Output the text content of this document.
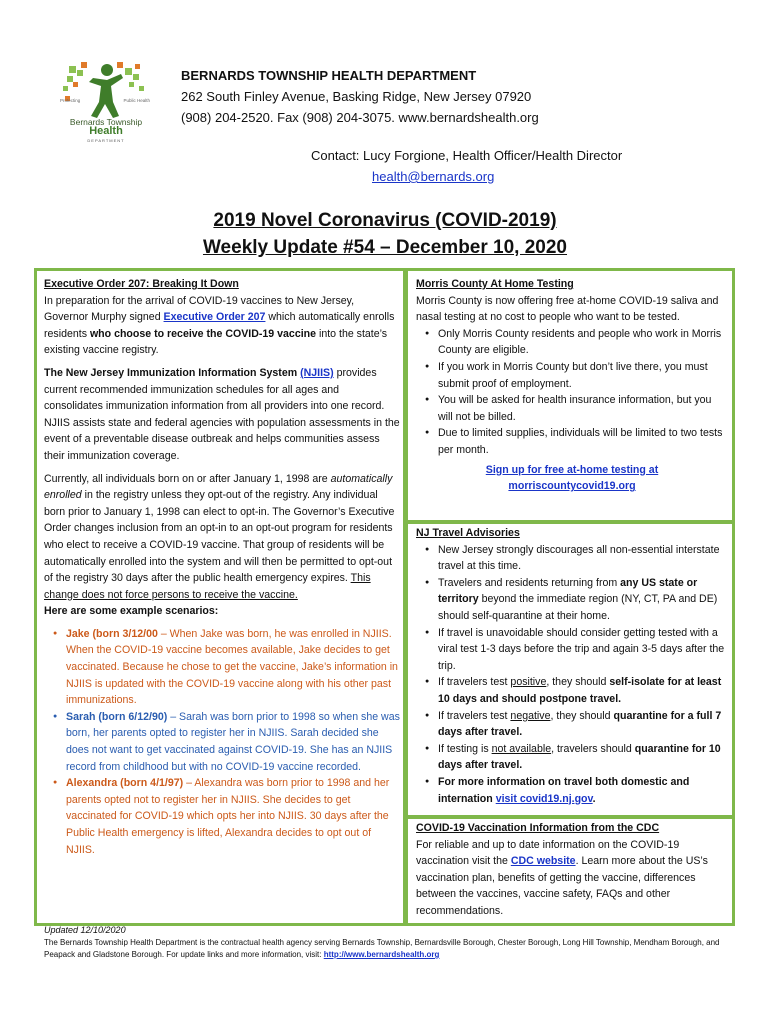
Protecting	Public Health
Bernards Township
Health
DEPARTMENT
BERNARDS TOWNSHIP HEALTH DEPARTMENT
262 South Finley Avenue, Basking Ridge, New Jersey 07920
(908) 204-2520. Fax (908) 204-3075. www.bernardshealth.org
Contact: Lucy Forgione, Health Officer/Health Director
health@bernards.org
2019 Novel Coronavirus (COVID-2019)
Weekly Update #54 – December 10, 2020
Executive Order 207: Breaking It Down
In preparation for the arrival of COVID-19 vaccines to New Jersey, Governor Murphy signed Executive Order 207 which automatically enrolls residents who choose to receive the COVID-19 vaccine into the state’s existing vaccine registry.
The New Jersey Immunization Information System (NJIIS) provides current recommended immunization schedules for all ages and consolidates immunization information from all providers into one record. NJIIS assists state and federal agencies with population assessments in the event of a preventable disease outbreak and helps communities assess their immunization coverage.
Currently, all individuals born on or after January 1, 1998 are automatically enrolled in the registry unless they opt-out of the registry. Any individual born prior to January 1, 1998 can elect to opt-in. The Governor’s Executive Order changes inclusion from an opt-in to an opt-out program for residents who elect to receive a COVID-19 vaccine. That group of residents will be automatically enrolled into the system and will then be permitted to opt-out of the registry 30 days after the public health emergency expires. This change does not force persons to receive the vaccine.
Here are some example scenarios:
● Jake (born 3/12/00 – When Jake was born, he was enrolled in NJIIS. When the COVID-19 vaccine becomes available, Jake decides to get vaccinated. Because he chose to get the vaccine, Jake’s information in NJIIS is updated with the COVID-19 vaccine along with his other past immunizations.
● Sarah (born 6/12/90) – Sarah was born prior to 1998 so when she was born, her parents opted to register her in NJIIS. Sarah decided she does not want to get vaccinated against COVID-19. She has an NJIIS record from childhood but with no COVID-19 vaccine recorded.
● Alexandra (born 4/1/97) – Alexandra was born prior to 1998 and her parents opted not to register her in NJIIS. She decides to get vaccinated for COVID-19 which opts her into NJIIS. 30 days after the Public Health emergency is lifted, Alexandra decides to opt out of NJIIS.
Morris County At Home Testing
Morris County is now offering free at-home COVID-19 saliva and nasal testing at no cost to people who want to be tested.
● Only Morris County residents and people who work in Morris County are eligible.
● If you work in Morris County but don’t live there, you must submit proof of employment.
● You will be asked for health insurance information, but you will not be billed.
● Due to limited supplies, individuals will be limited to two tests per month.
Sign up for free at-home testing at
morriscountycovid19.org
NJ Travel Advisories
● New Jersey strongly discourages all non-essential interstate travel at this time.
● Travelers and residents returning from any US state or territory beyond the immediate region (NY, CT, PA and DE) should self-quarantine at their home.
● If travel is unavoidable should consider getting tested with a viral test 1-3 days before the trip and again 3-5 days after the trip.
● If travelers test positive, they should self-isolate for at least 10 days and should postpone travel.
● If travelers test negative, they should quarantine for a full 7 days after travel.
● If testing is not available, travelers should quarantine for 10 days after travel.
● For more information on travel both domestic and internation visit covid19.nj.gov.
COVID-19 Vaccination Information from the CDC
For reliable and up to date information on the COVID-19 vaccination visit the CDC website. Learn more about the US’s vaccination plan, benefits of getting the vaccine, differences between the vaccines, vaccine safety, FAQs and other recommendations.
Updated 12/10/2020
The Bernards Township Health Department is the contractual health agency serving Bernards Township, Bernardsville Borough, Chester Borough, Long Hill Township, Mendham Borough, and Peapack and Gladstone Borough. For update links and more information, visit: http://www.bernardshealth.org
